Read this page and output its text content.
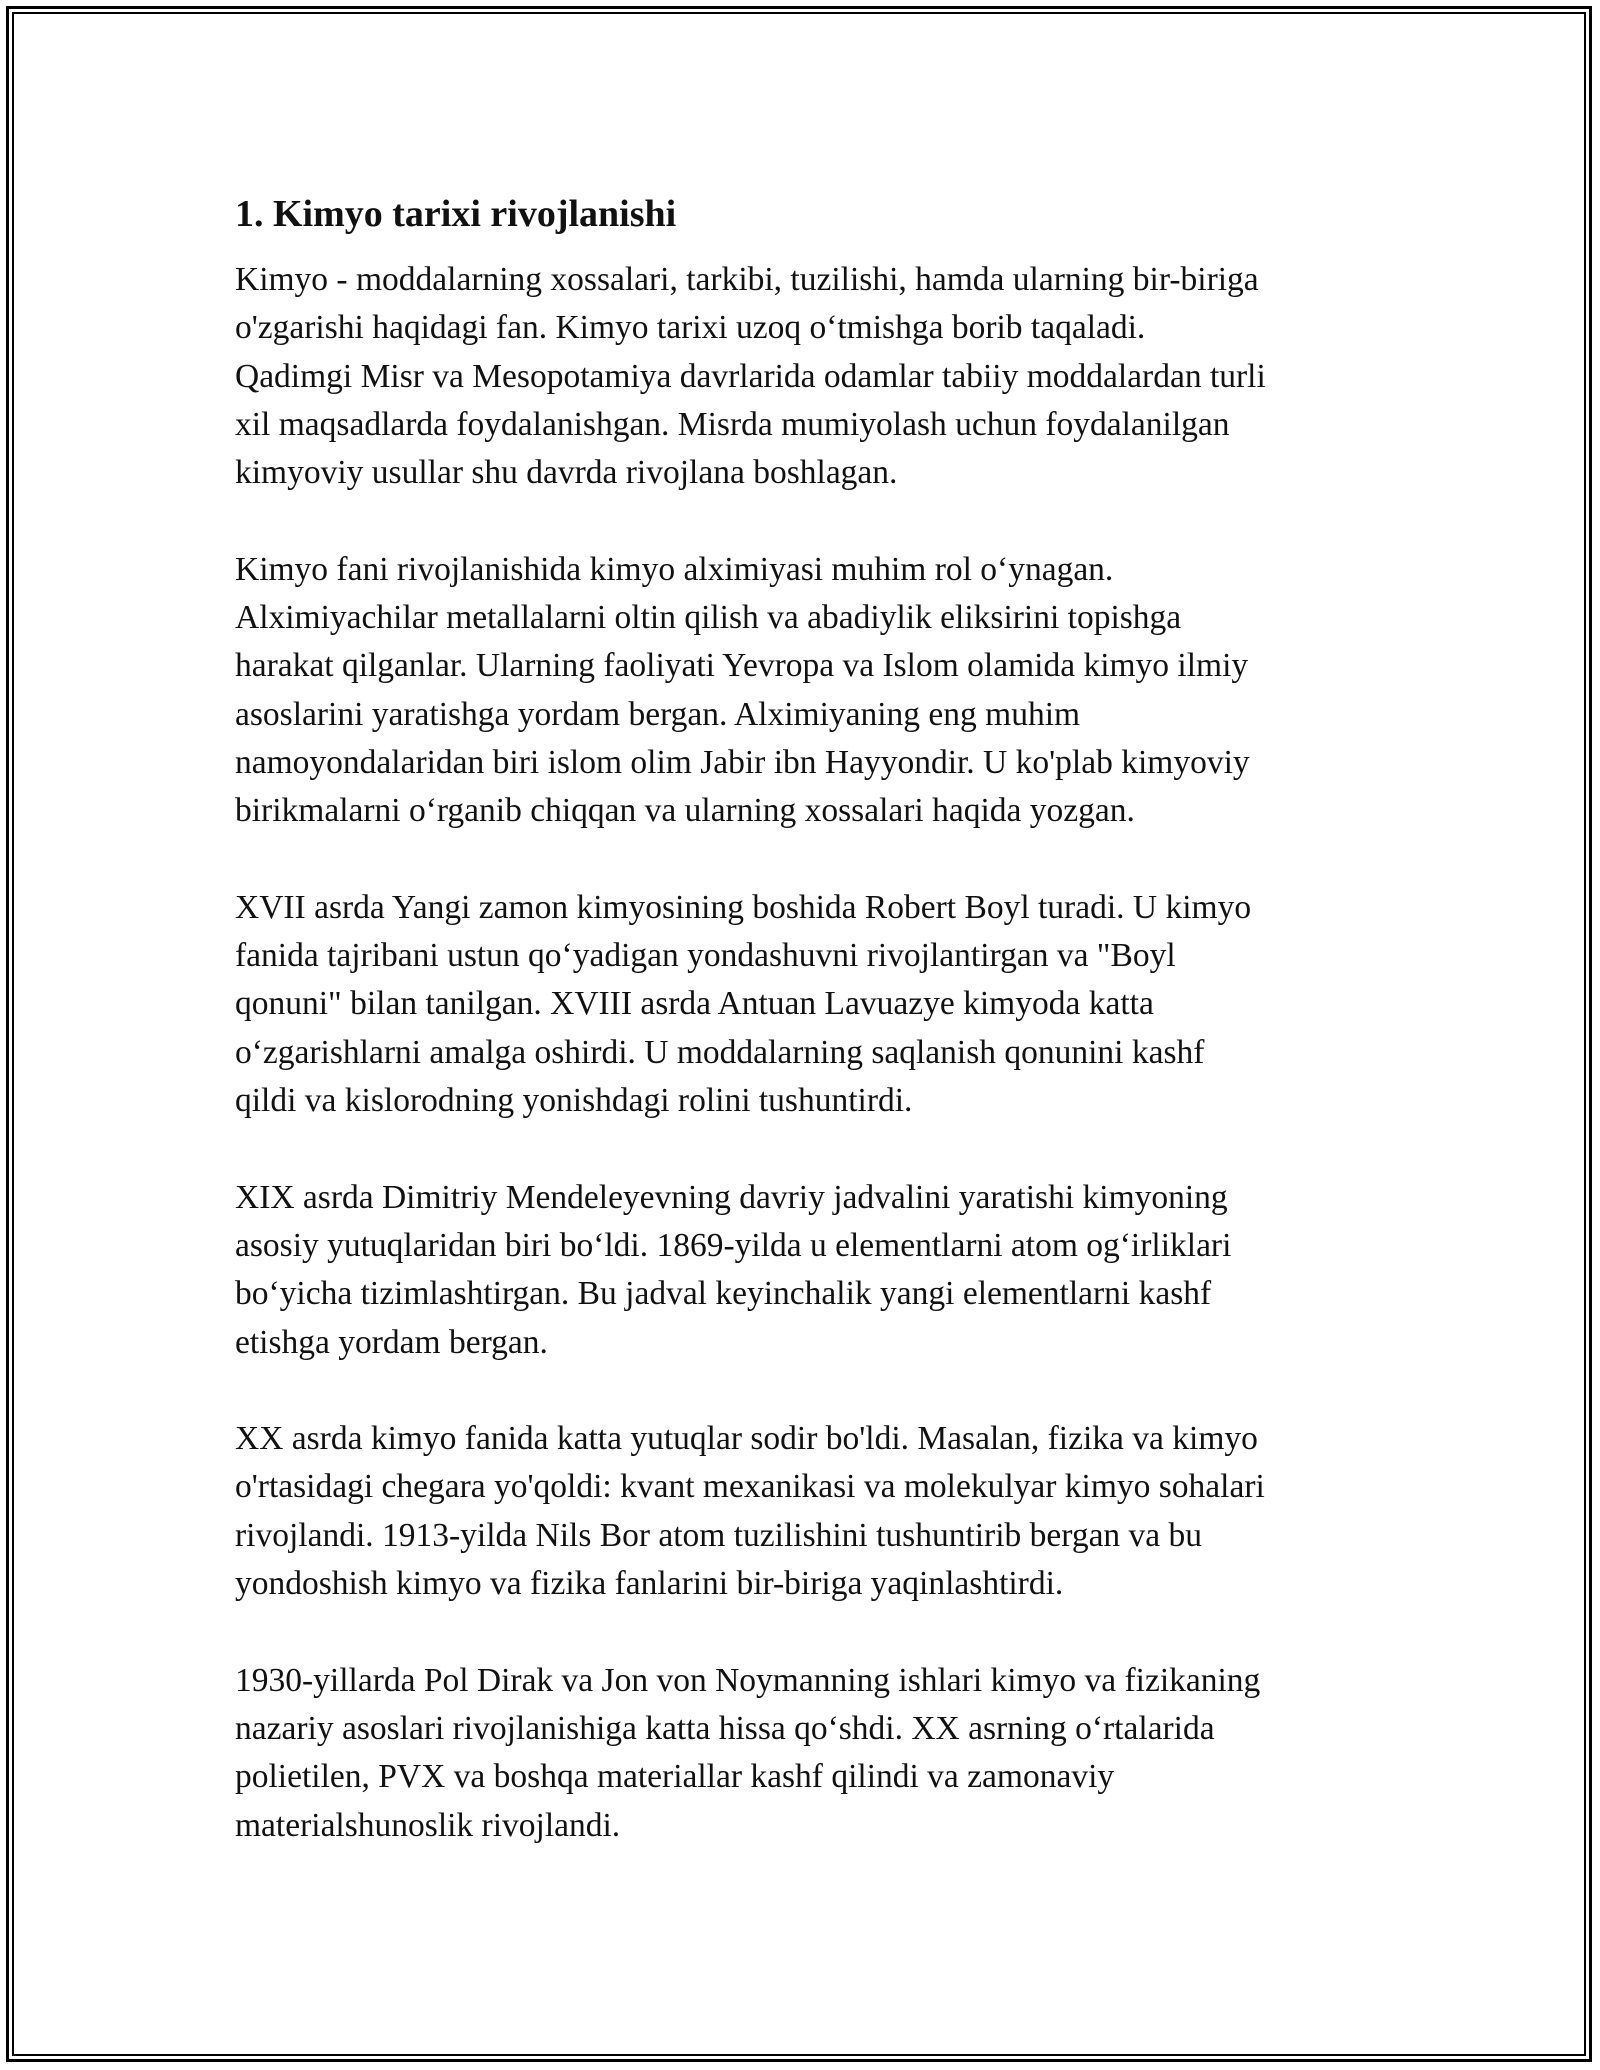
1. Kimyo tarixi rivojlanishi

Kimyo - moddalarning xossalari, tarkibi, tuzilishi, hamda ularning bir-biriga
o'zgarishi haqidagi fan. Kimyo tarixi uzoq o‘tmishga borib taqaladi.
Qadimgi Misr va Mesopotamiya davrlarida odamlar tabiiy moddalardan turli
xil maqsadlarda foydalanishgan. Misrda mumiyolash uchun foydalanilgan
kimyoviy usullar shu davrda rivojlana boshlagan.

Kimyo fani rivojlanishida kimyo alximiyasi muhim rol o‘ynagan.
Alximiyachilar metallalarni oltin qilish va abadiylik eliksirini topishga
harakat qilganlar. Ularning faoliyati Yevropa va Islom olamida kimyo ilmiy
asoslarini yaratishga yordam bergan. Alximiyaning eng muhim
namoyondalaridan biri islom olim Jabir ibn Hayyondir. U ko'plab kimyoviy
birikmalarni o‘rganib chiqqan va ularning xossalari haqida yozgan.

XVII asrda Yangi zamon kimyosining boshida Robert Boyl turadi. U kimyo
fanida tajribani ustun qo‘yadigan yondashuvni rivojlantirgan va "Boyl
qonuni" bilan tanilgan. XVIII asrda Antuan Lavuazye kimyoda katta
o‘zgarishlarni amalga oshirdi. U moddalarning saqlanish qonunini kashf
qildi va kislorodning yonishdagi rolini tushuntirdi.

XIX asrda Dimitriy Mendeleyevning davriy jadvalini yaratishi kimyoning
asosiy yutuqlaridan biri bo‘ldi. 1869-yilda u elementlarni atom og‘irliklari
bo‘yicha tizimlashtirgan. Bu jadval keyinchalik yangi elementlarni kashf
etishga yordam bergan.

XX asrda kimyo fanida katta yutuqlar sodir bo'ldi. Masalan, fizika va kimyo
o'rtasidagi chegara yo'qoldi: kvant mexanikasi va molekulyar kimyo sohalari
rivojlandi. 1913-yilda Nils Bor atom tuzilishini tushuntirib bergan va bu
yondoshish kimyo va fizika fanlarini bir-biriga yaqinlashtirdi.

1930-yillarda Pol Dirak va Jon von Noymanning ishlari kimyo va fizikaning
nazariy asoslari rivojlanishiga katta hissa qo‘shdi. XX asrning o‘rtalarida
polietilen, PVX va boshqa materiallar kashf qilindi va zamonaviy
materialshunoslik rivojlandi.
